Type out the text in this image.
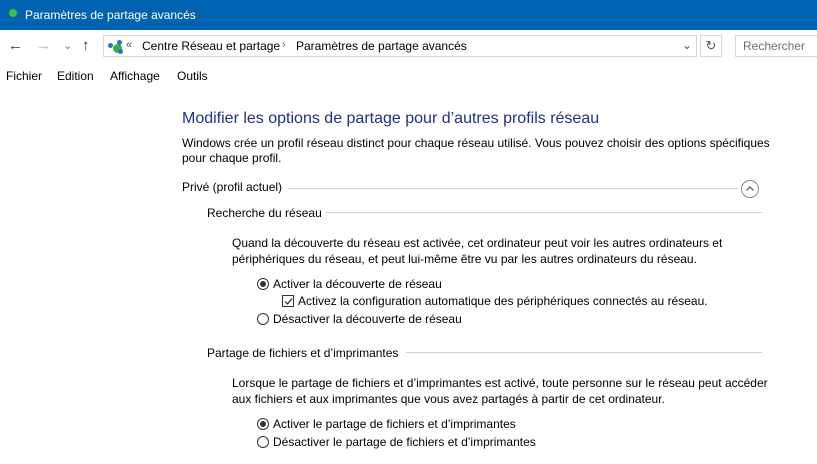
Paramètres de partage avancés
← → ⌄ ↑	« Centre Réseau et partage › Paramètres de partage avancés	⌄	↻	Rechercher
Fichier Edition Affichage Outils
Modifier les options de partage pour d’autres profils réseau
Windows crée un profil réseau distinct pour chaque réseau utilisé. Vous pouvez choisir des options spécifiques
pour chaque profil.
Privé (profil actuel)
Recherche du réseau
Quand la découverte du réseau est activée, cet ordinateur peut voir les autres ordinateurs et
périphériques du réseau, et peut lui-même être vu par les autres ordinateurs du réseau.
Activer la découverte de réseau
Activez la configuration automatique des périphériques connectés au réseau.
Désactiver la découverte de réseau
Partage de fichiers et d’imprimantes
Lorsque le partage de fichiers et d’imprimantes est activé, toute personne sur le réseau peut accéder
aux fichiers et aux imprimantes que vous avez partagés à partir de cet ordinateur.
Activer le partage de fichiers et d’imprimantes
Désactiver le partage de fichiers et d’imprimantes
